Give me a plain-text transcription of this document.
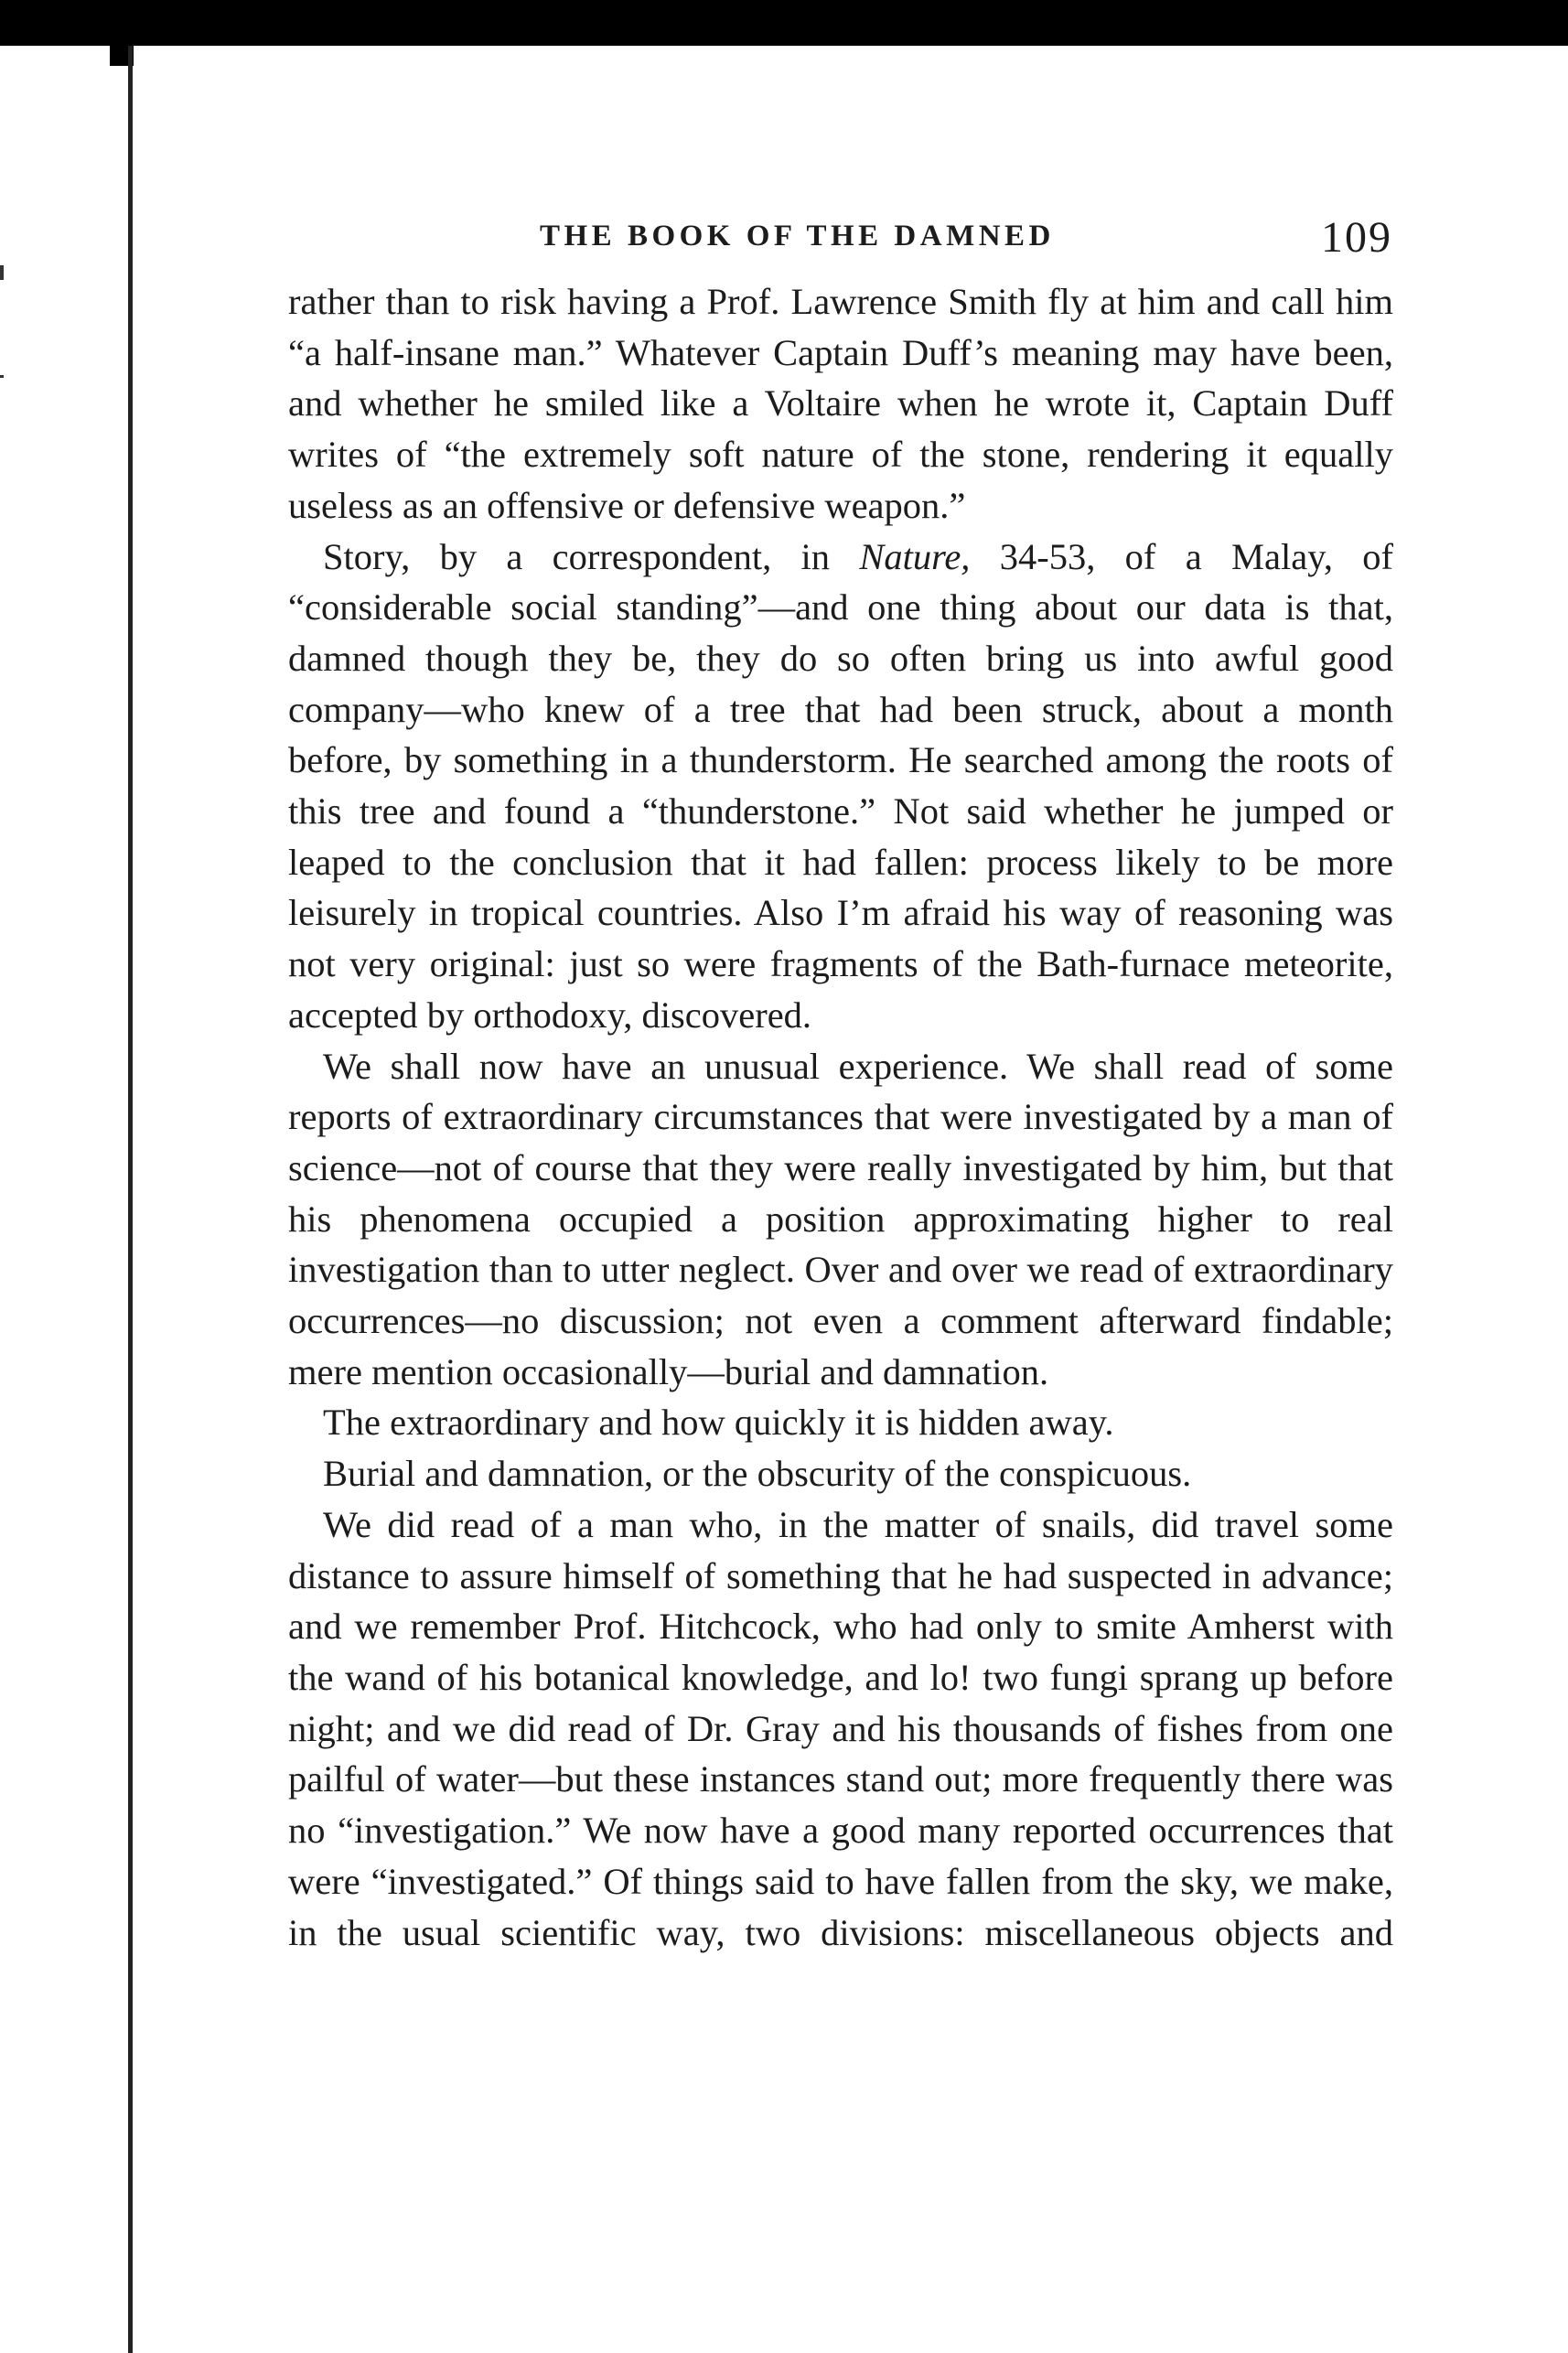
THE BOOK OF THE DAMNED	109

rather than to risk having a Prof. Lawrence Smith fly at him and call him “a half-insane man.” Whatever Captain Duff’s meaning may have been, and whether he smiled like a Voltaire when he wrote it, Captain Duff writes of “the extremely soft nature of the stone, rendering it equally useless as an offensive or defensive weapon.”

Story, by a correspondent, in Nature, 34-53, of a Malay, of “considerable social standing”—and one thing about our data is that, damned though they be, they do so often bring us into awful good company—who knew of a tree that had been struck, about a month before, by something in a thunderstorm. He searched among the roots of this tree and found a “thunderstone.” Not said whether he jumped or leaped to the conclusion that it had fallen: process likely to be more leisurely in tropical countries. Also I’m afraid his way of reasoning was not very original: just so were fragments of the Bath-furnace meteorite, accepted by orthodoxy, discovered.

We shall now have an unusual experience. We shall read of some reports of extraordinary circumstances that were investigated by a man of science—not of course that they were really investigated by him, but that his phenomena occupied a position approximating higher to real investigation than to utter neglect. Over and over we read of extraordinary occurrences—no discussion; not even a comment afterward findable; mere mention occasionally—burial and damnation.

The extraordinary and how quickly it is hidden away.

Burial and damnation, or the obscurity of the conspicuous.

We did read of a man who, in the matter of snails, did travel some distance to assure himself of something that he had suspected in advance; and we remember Prof. Hitchcock, who had only to smite Amherst with the wand of his botanical knowledge, and lo! two fungi sprang up before night; and we did read of Dr. Gray and his thousands of fishes from one pailful of water—but these instances stand out; more frequently there was no “investigation.” We now have a good many reported occurrences that were “investigated.” Of things said to have fallen from the sky, we make, in the usual scientific way, two divisions: miscellaneous objects and
